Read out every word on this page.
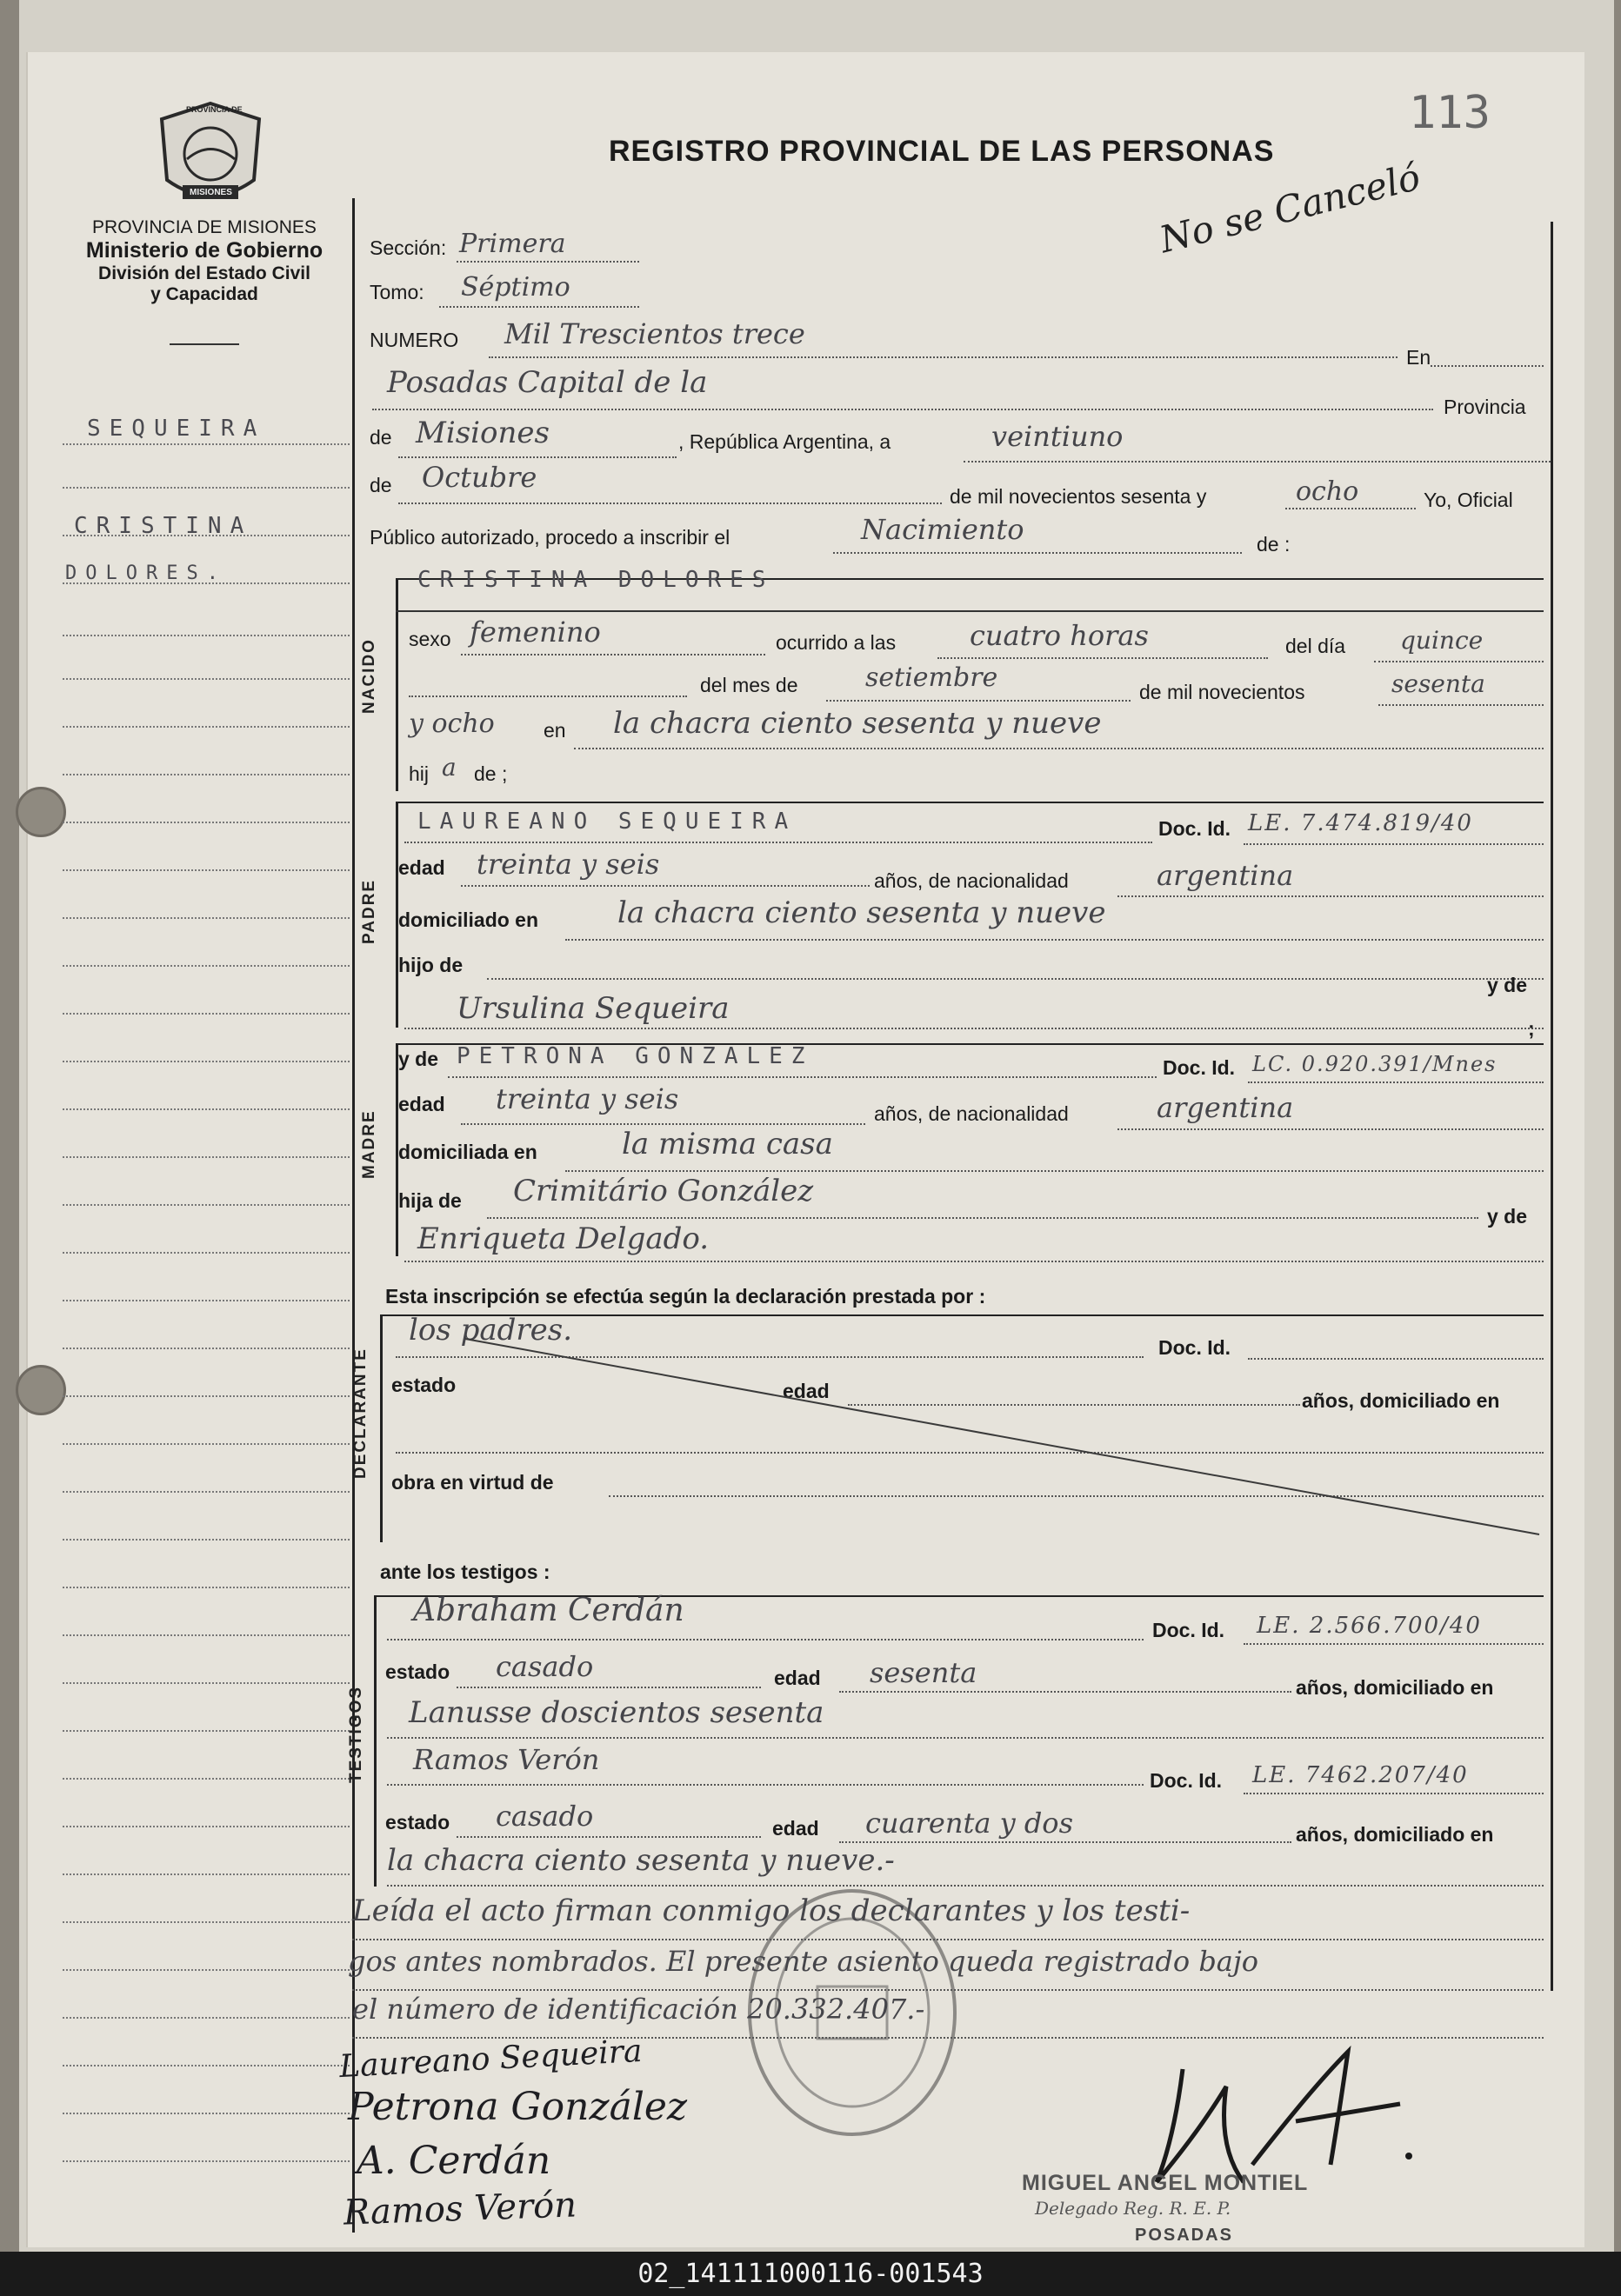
113
PROVINCIA DE
MISIONES
PROVINCIA DE MISIONES
Ministerio de Gobierno
División del Estado Civil
y Capacidad
SEQUEIRA
CRISTINA
DOLORES.
REGISTRO PROVINCIAL DE LAS PERSONAS
No se Canceló
Sección: Primera
Tomo: Séptimo
NUMERO Mil Trescientos trece
En
Posadas Capital de la
Provincia
de Misiones	, República Argentina, a	veintiuno
de Octubre
de mil novecientos sesenta y	ocho	Yo, Oficial
Público autorizado, procedo a inscribir el	Nacimiento	de :
NACIDO
CRISTINA DOLORES
sexo femenino	ocurrido a las	cuatro horas	del día quince
del mes de	setiembre	de mil novecientos	sesenta
y ocho en la chacra ciento sesenta y nueve
hij a de ;
PADRE
LAUREANO SEQUEIRA	Doc. Id. LE. 7.474.819/40
edad treinta y seis	años, de nacionalidad	argentina
domiciliado en	la chacra ciento sesenta y nueve
hijo de
y de
Ursulina Sequeira
;
MADRE
y de PETRONA GONZALEZ	Doc. Id. LC. 0.920.391/Mnes
edad treinta y seis	años, de nacionalidad	argentina
domiciliada en	la misma casa
hija de Crimitário González
y de
Enriqueta Delgado.
Esta inscripción se efectúa según la declaración prestada por :
DECLARANTE
los padres.	Doc. Id.
estado	edad	años, domiciliado en
obra en virtud de
ante los testigos :
TESTIGOS
Abraham Cerdán
Doc. Id. LE. 2.566.700/40
estado casado	edad sesenta	años, domiciliado en
Lanusse doscientos sesenta
Ramos Verón
Doc. Id. LE. 7462.207/40
estado casado	edad cuarenta y dos	años, domiciliado en
la chacra ciento sesenta y nueve.-
Leída el acto firman conmigo los declarantes y los testi-
gos antes nombrados. El presente asiento queda registrado bajo
el número de identificación 20.332.407.-
Laureano Sequeira
Petrona González
A. Cerdán
Ramos Verón
MIGUEL ANGEL MONTIEL
Delegado Reg. R. E. P.
POSADAS
02_141111000116-001543
